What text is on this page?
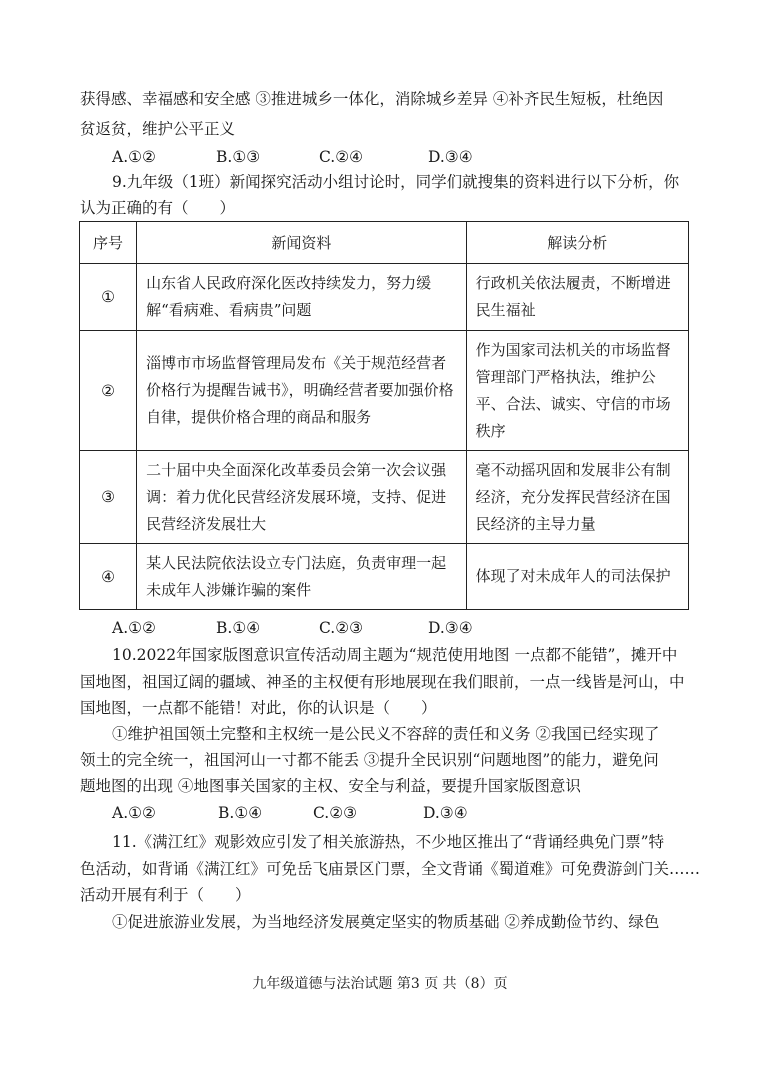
获得感、幸福感和安全感 ③推进城乡一体化，消除城乡差异 ④补齐民生短板，杜绝因
贫返贫，维护公平正义
A.①②	B.①③	C.②④	D.③④
9.九年级（1班）新闻探究活动小组讨论时，同学们就搜集的资料进行以下分析，你
认为正确的有（　　）
序号	新闻资料	解读分析
①	山东省人民政府深化医改持续发力，努力缓解“看病难、看病贵”问题	行政机关依法履责，不断增进民生福祉

②	淄博市市场监督管理局发布《关于规范经营者价格行为提醒告诫书》，明确经营者要加强价格自律，提供价格合理的商品和服务	作为国家司法机关的市场监督管理部门严格执法，维护公平、合法、诚实、守信的市场秩序

③	二十届中央全面深化改革委员会第一次会议强调：着力优化民营经济发展环境，支持、促进民营经济发展壮大	毫不动摇巩固和发展非公有制经济，充分发挥民营经济在国民经济的主导力量

④	某人民法院依法设立专门法庭，负责审理一起未成年人涉嫌诈骗的案件	体现了对未成年人的司法保护
A.①②	B.①④	C.②③	D.③④
10.2022年国家版图意识宣传活动周主题为“规范使用地图 一点都不能错”，摊开中
国地图，祖国辽阔的疆域、神圣的主权便有形地展现在我们眼前，一点一线皆是河山，中
国地图，一点都不能错！对此，你的认识是（　　）
①维护祖国领土完整和主权统一是公民义不容辞的责任和义务 ②我国已经实现了
领土的完全统一，祖国河山一寸都不能丢 ③提升全民识别“问题地图”的能力，避免问
题地图的出现 ④地图事关国家的主权、安全与利益，要提升国家版图意识
A.①②	B.①④	C.②③	D.③④
11.《满江红》观影效应引发了相关旅游热，不少地区推出了“背诵经典免门票”特
色活动，如背诵《满江红》可免岳飞庙景区门票，全文背诵《蜀道难》可免费游剑门关……
活动开展有利于（　　）
①促进旅游业发展，为当地经济发展奠定坚实的物质基础 ②养成勤俭节约、绿色
九年级道德与法治试题 第3 页 共（8）页
